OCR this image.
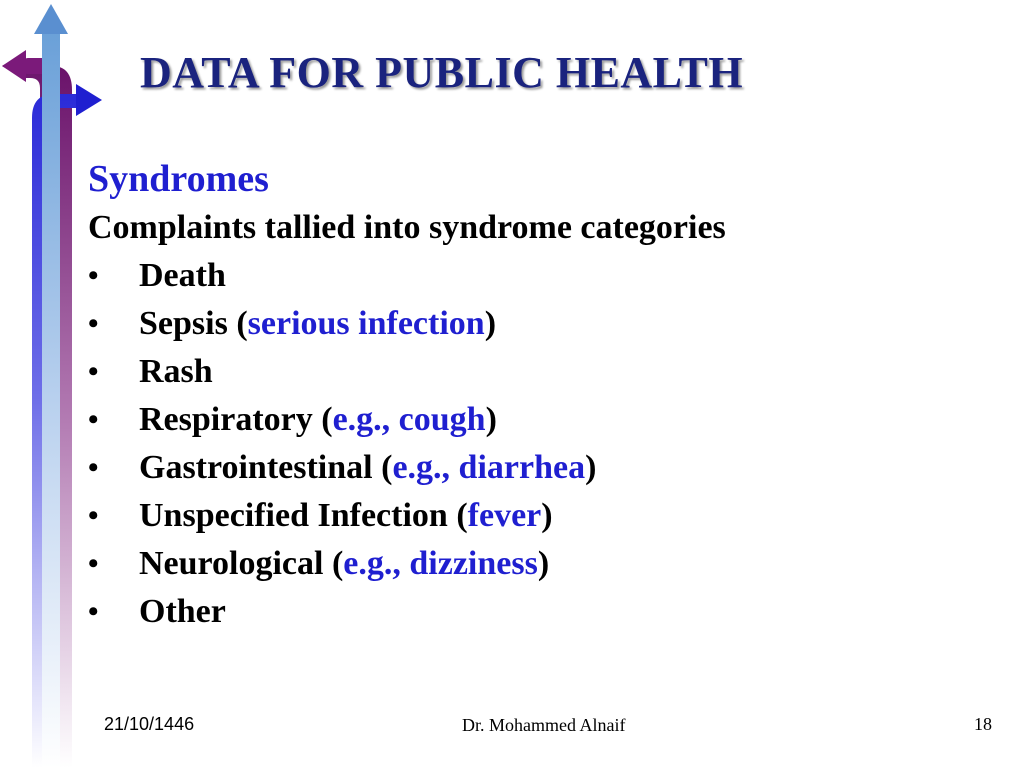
DATA FOR PUBLIC HEALTH
Syndromes
Complaints tallied into syndrome categories
• Death
• Sepsis (serious infection)
• Rash
• Respiratory (e.g., cough)
• Gastrointestinal (e.g., diarrhea)
• Unspecified Infection (fever)
• Neurological (e.g., dizziness)
• Other
21/10/1446	Dr. Mohammed Alnaif	18
